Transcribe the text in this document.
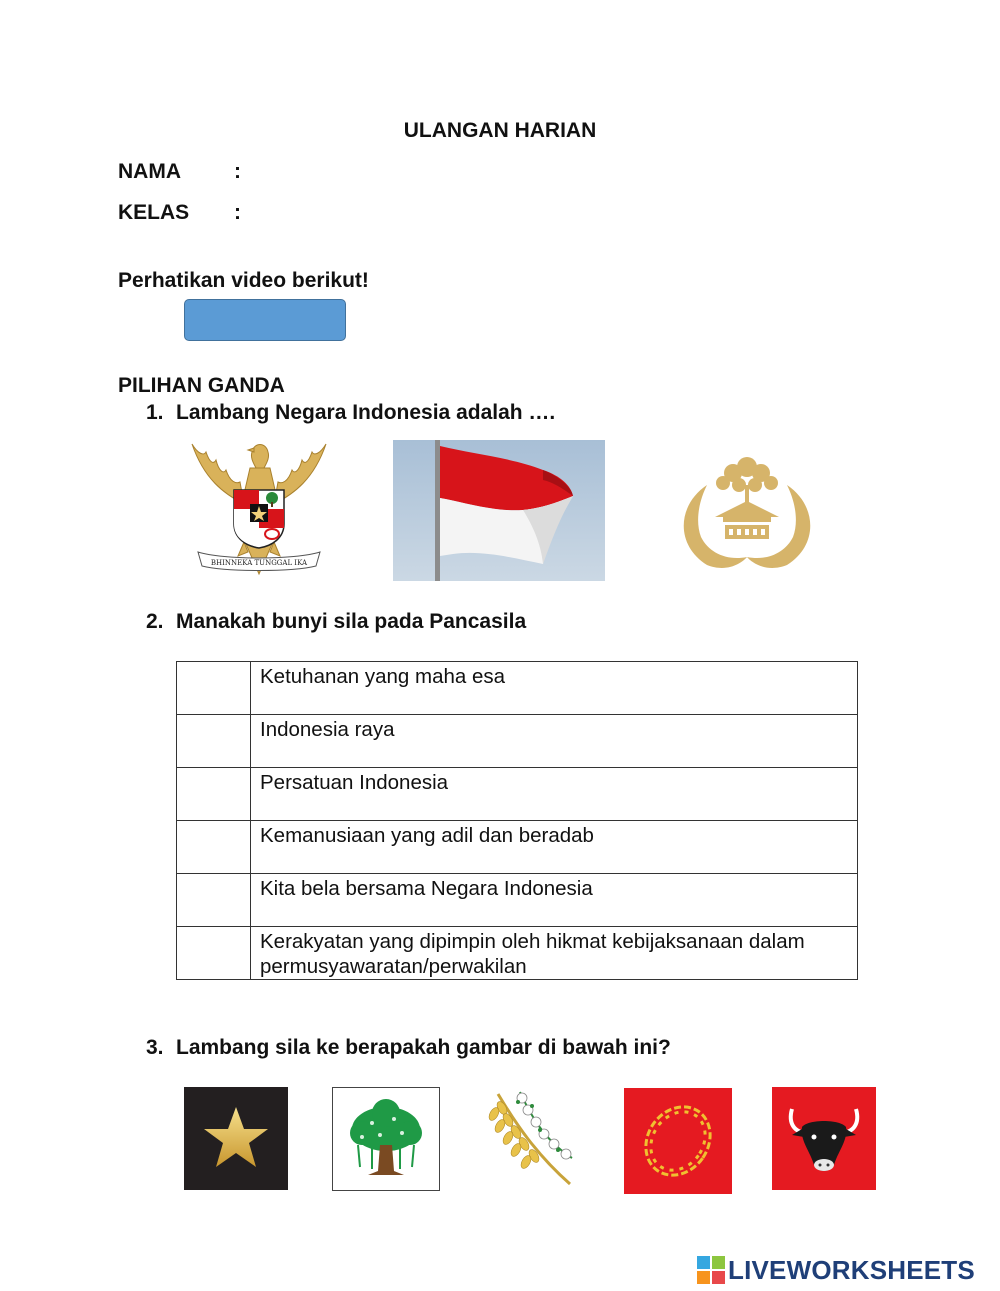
ULANGAN HARIAN
NAMA	:
KELAS :
Perhatikan video berikut!
PILIHAN GANDA
1. Lambang Negara Indonesia adalah ….
BHINNEKA TUNGGAL IKA
2. Manakah bunyi sila pada Pancasila
	Ketuhanan yang maha esa
	Indonesia raya
	Persatuan Indonesia
	Kemanusiaan yang adil dan beradab
	Kita bela bersama Negara Indonesia
	Kerakyatan yang dipimpin oleh hikmat kebijaksanaan dalam permusyawaratan/perwakilan
3. Lambang sila ke berapakah gambar di bawah ini?
LIVEWORKSHEETS
